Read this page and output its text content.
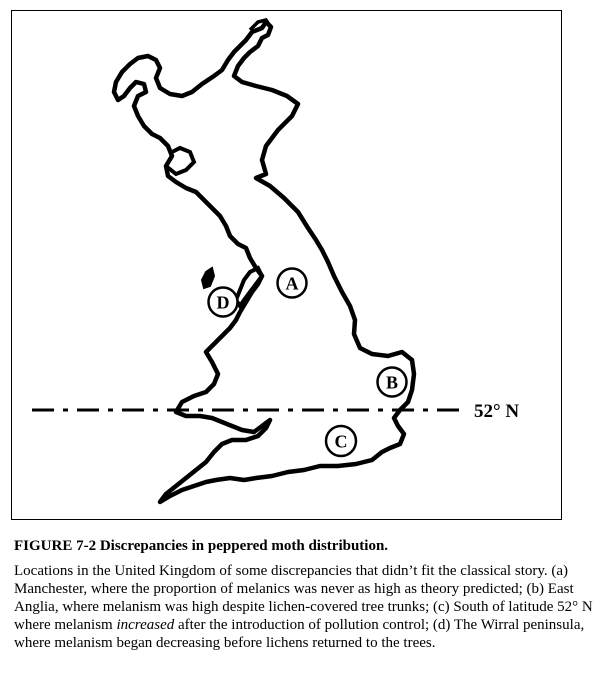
52° N
A
B
C
D
FIGURE 7-2 Discrepancies in peppered moth distribution.
Locations in the United Kingdom of some discrepancies that didn’t fit the classical story. (a) Manchester, where the proportion of melanics was never as high as theory predicted; (b) East Anglia, where melanism was high despite lichen-covered tree trunks; (c) South of latitude 52° N where melanism increased after the introduction of pollution control; (d) The Wirral peninsula, where melanism began decreasing before lichens returned to the trees.
